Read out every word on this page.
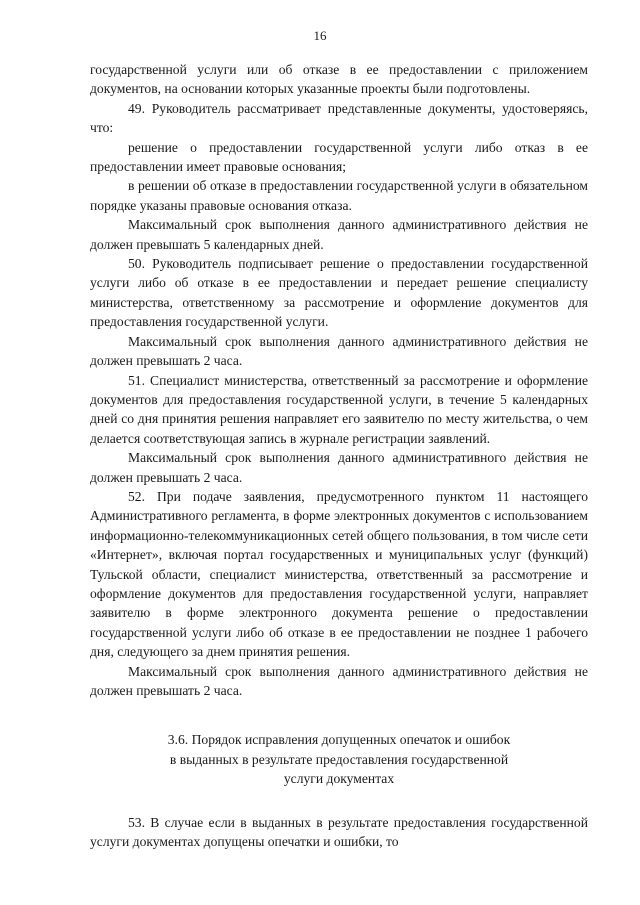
16

государственной услуги или об отказе в ее предоставлении с приложением документов, на основании которых указанные проекты были подготовлены.

49. Руководитель рассматривает представленные документы, удостоверяясь, что:

решение о предоставлении государственной услуги либо отказ в ее предоставлении имеет правовые основания;

в решении об отказе в предоставлении государственной услуги в обязательном порядке указаны правовые основания отказа.

Максимальный срок выполнения данного административного действия не должен превышать 5 календарных дней.

50. Руководитель подписывает решение о предоставлении государственной услуги либо об отказе в ее предоставлении и передает решение специалисту министерства, ответственному за рассмотрение и оформление документов для предоставления государственной услуги.

Максимальный срок выполнения данного административного действия не должен превышать 2 часа.

51. Специалист министерства, ответственный за рассмотрение и оформление документов для предоставления государственной услуги, в течение 5 календарных дней со дня принятия решения направляет его заявителю по месту жительства, о чем делается соответствующая запись в журнале регистрации заявлений.

Максимальный срок выполнения данного административного действия не должен превышать 2 часа.

52. При подаче заявления, предусмотренного пунктом 11 настоящего Административного регламента, в форме электронных документов с использованием информационно-телекоммуникационных сетей общего пользования, в том числе сети «Интернет», включая портал государственных и муниципальных услуг (функций) Тульской области, специалист министерства, ответственный за рассмотрение и оформление документов для предоставления государственной услуги, направляет заявителю в форме электронного документа решение о предоставлении государственной услуги либо об отказе в ее предоставлении не позднее 1 рабочего дня, следующего за днем принятия решения.

Максимальный срок выполнения данного административного действия не должен превышать 2 часа.

3.6. Порядок исправления допущенных опечаток и ошибок
в выданных в результате предоставления государственной
услуги документах

53. В случае если в выданных в результате предоставления государственной услуги документах допущены опечатки и ошибки, то
